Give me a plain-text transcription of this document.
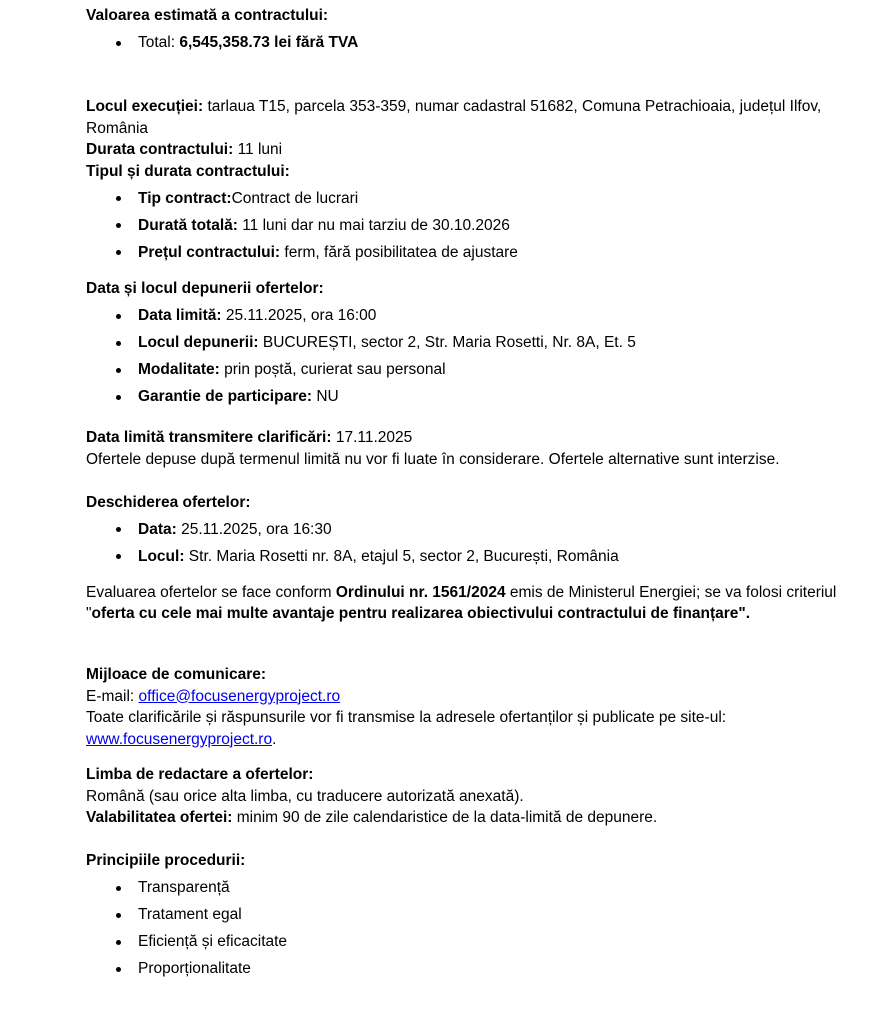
Valoarea estimată a contractului:
Total: 6,545,358.73 lei fără TVA
Locul execuției: tarlaua T15, parcela 353-359, numar cadastral 51682, Comuna Petrachioaia, județul Ilfov, România
Durata contractului: 11 luni
Tipul și durata contractului:
Tip contract:Contract de lucrari
Durată totală: 11 luni dar nu mai tarziu de 30.10.2026
Prețul contractului: ferm, fără posibilitatea de ajustare
Data și locul depunerii ofertelor:
Data limită: 25.11.2025, ora 16:00
Locul depunerii: BUCUREȘTI, sector 2, Str. Maria Rosetti, Nr. 8A, Et. 5
Modalitate: prin poștă, curierat sau personal
Garantie de participare: NU
Data limită transmitere clarificări: 17.11.2025
Ofertele depuse după termenul limită nu vor fi luate în considerare. Ofertele alternative sunt interzise.
Deschiderea ofertelor:
Data: 25.11.2025, ora 16:30
Locul: Str. Maria Rosetti nr. 8A, etajul 5, sector 2, București, România
Evaluarea ofertelor se face conform Ordinului nr. 1561/2024 emis de Ministerul Energiei; se va folosi criteriul "oferta cu cele mai multe avantaje pentru realizarea obiectivului contractului de finanțare".
Mijloace de comunicare:
E-mail: office@focusenergyproject.ro
Toate clarificările și răspunsurile vor fi transmise la adresele ofertanților și publicate pe site-ul: www.focusenergyproject.ro.
Limba de redactare a ofertelor:
Română (sau orice alta limba, cu traducere autorizată anexată).
Valabilitatea ofertei: minim 90 de zile calendaristice de la data-limită de depunere.
Principiile procedurii:
Transparență
Tratament egal
Eficiență și eficacitate
Proporționalitate
